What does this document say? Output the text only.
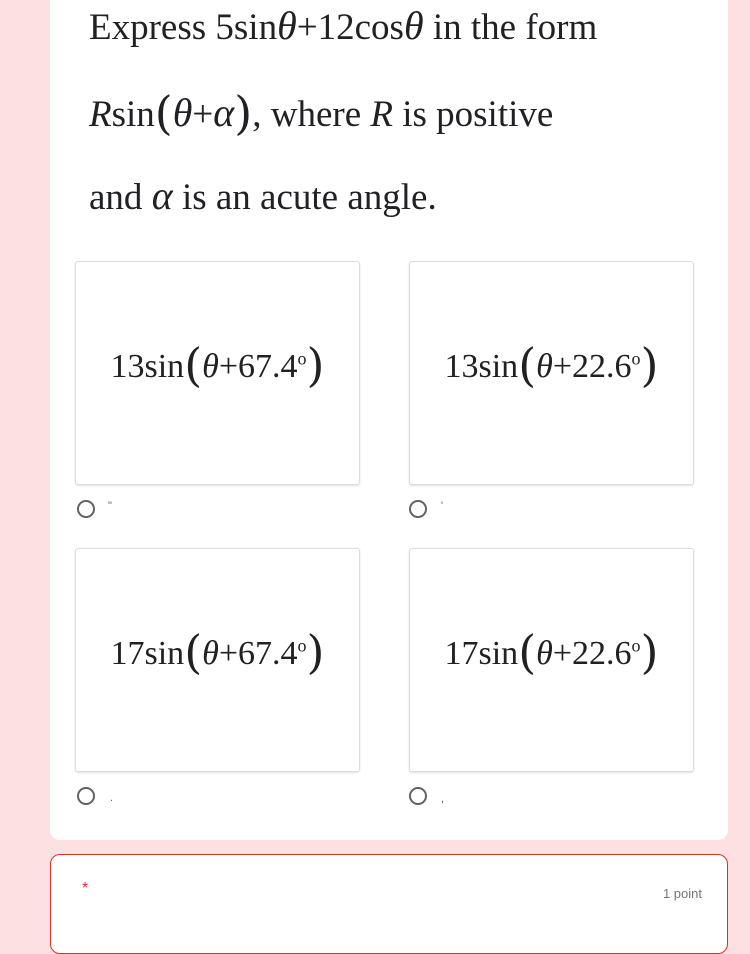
Express 5sinθ+12cosθ in the form
Rsin(θ+α), where R is positive
and α is an acute angle.
$13\sin(\theta+67.4^o)$
"
$13\sin(\theta+22.6^o)$
'
$17\sin(\theta+67.4^o)$
.
$17\sin(\theta+22.6^o)$
,
*	1 point
